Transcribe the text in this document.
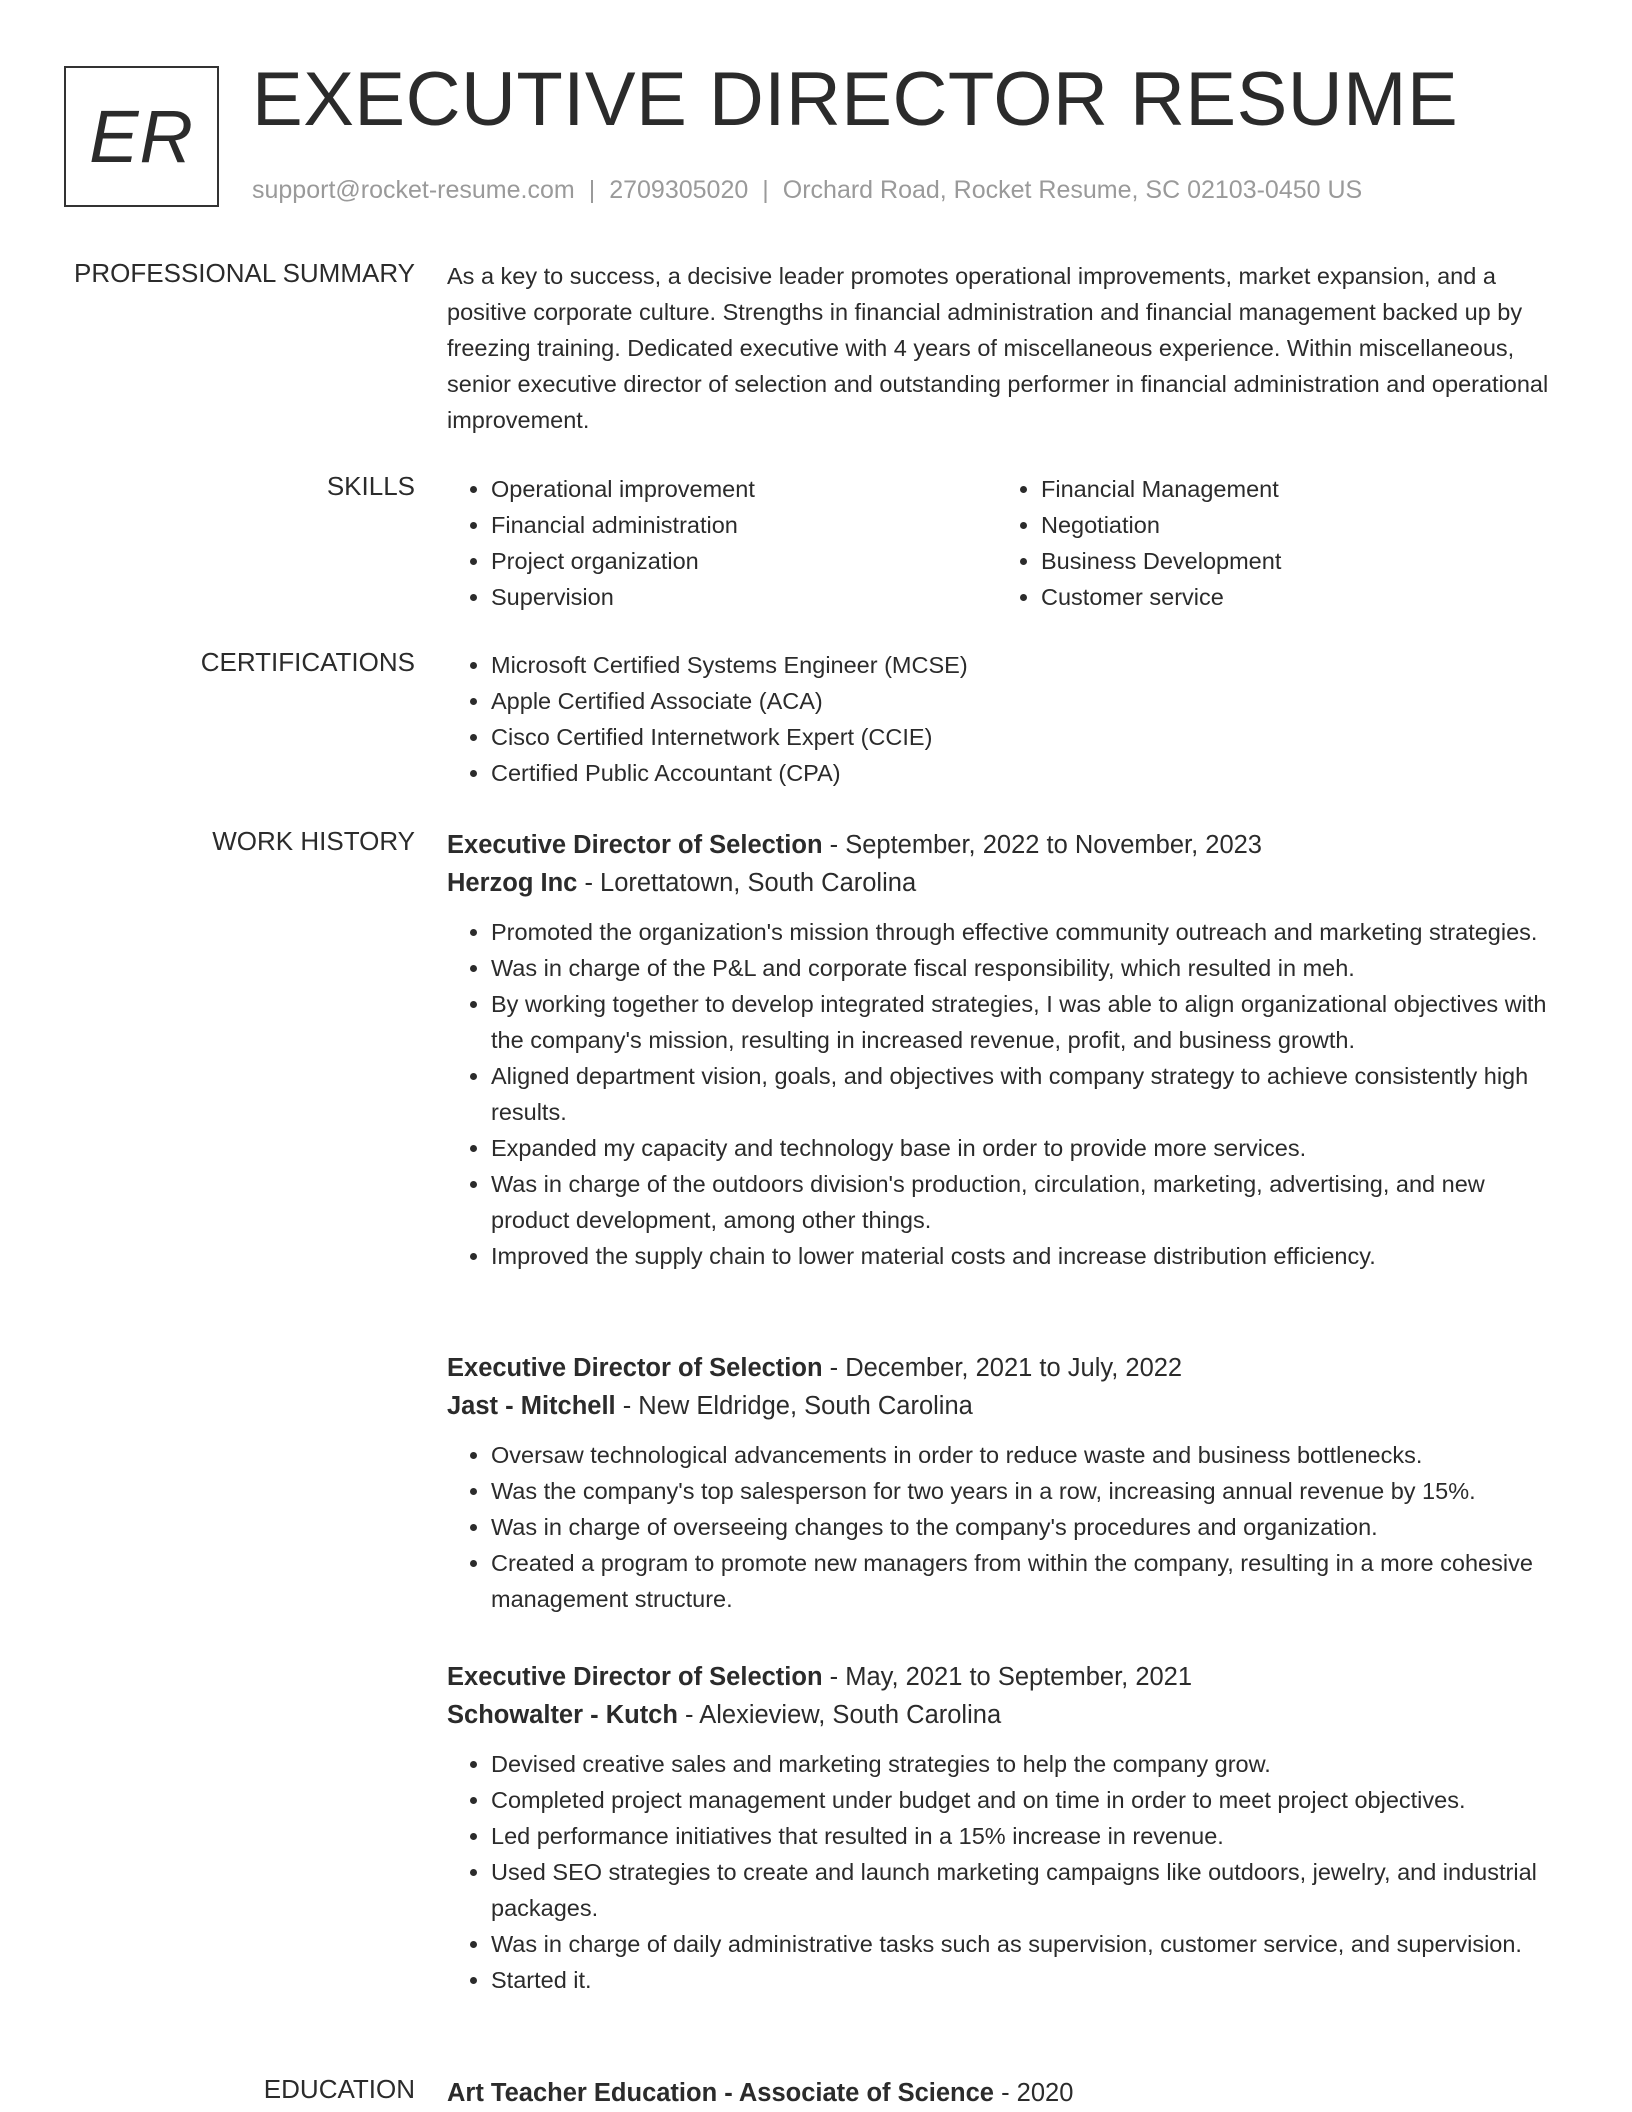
ER EXECUTIVE DIRECTOR RESUME
support@rocket-resume.com | 2709305020 | Orchard Road, Rocket Resume, SC 02103-0450 US
PROFESSIONAL SUMMARY As a key to success, a decisive leader promotes operational improvements, market expansion, and a positive corporate culture. Strengths in financial administration and financial management backed up by freezing training. Dedicated executive with 4 years of miscellaneous experience. Within miscellaneous, senior executive director of selection and outstanding performer in financial administration and operational improvement.

SKILLS	• Operational improvement
• Financial administration
• Project organization
• Supervision
• Financial Management
• Negotiation
• Business Development
• Customer service
CERTIFICATIONS	• Microsoft Certified Systems Engineer (MCSE)
• Apple Certified Associate (ACA)
• Cisco Certified Internetwork Expert (CCIE)
• Certified Public Accountant (CPA)
WORK HISTORY Executive Director of Selection - September, 2022 to November, 2023
Herzog Inc - Lorettatown, South Carolina
• Promoted the organization's mission through effective community outreach and marketing strategies.
• Was in charge of the P&L and corporate fiscal responsibility, which resulted in meh.
• By working together to develop integrated strategies, I was able to align organizational objectives with the company's mission, resulting in increased revenue, profit, and business growth.
• Aligned department vision, goals, and objectives with company strategy to achieve consistently high results.
• Expanded my capacity and technology base in order to provide more services.
• Was in charge of the outdoors division's production, circulation, marketing, advertising, and new product development, among other things.
• Improved the supply chain to lower material costs and increase distribution efficiency.
Executive Director of Selection - December, 2021 to July, 2022
Jast - Mitchell - New Eldridge, South Carolina
• Oversaw technological advancements in order to reduce waste and business bottlenecks.
• Was the company's top salesperson for two years in a row, increasing annual revenue by 15%.
• Was in charge of overseeing changes to the company's procedures and organization.
• Created a program to promote new managers from within the company, resulting in a more cohesive management structure.
Executive Director of Selection - May, 2021 to September, 2021
Schowalter - Kutch - Alexieview, South Carolina
• Devised creative sales and marketing strategies to help the company grow.
• Completed project management under budget and on time in order to meet project objectives.
• Led performance initiatives that resulted in a 15% increase in revenue.
• Used SEO strategies to create and launch marketing campaigns like outdoors, jewelry, and industrial packages.
• Was in charge of daily administrative tasks such as supervision, customer service, and supervision.
• Started it.
EDUCATION Art Teacher Education - Associate of Science - 2020
